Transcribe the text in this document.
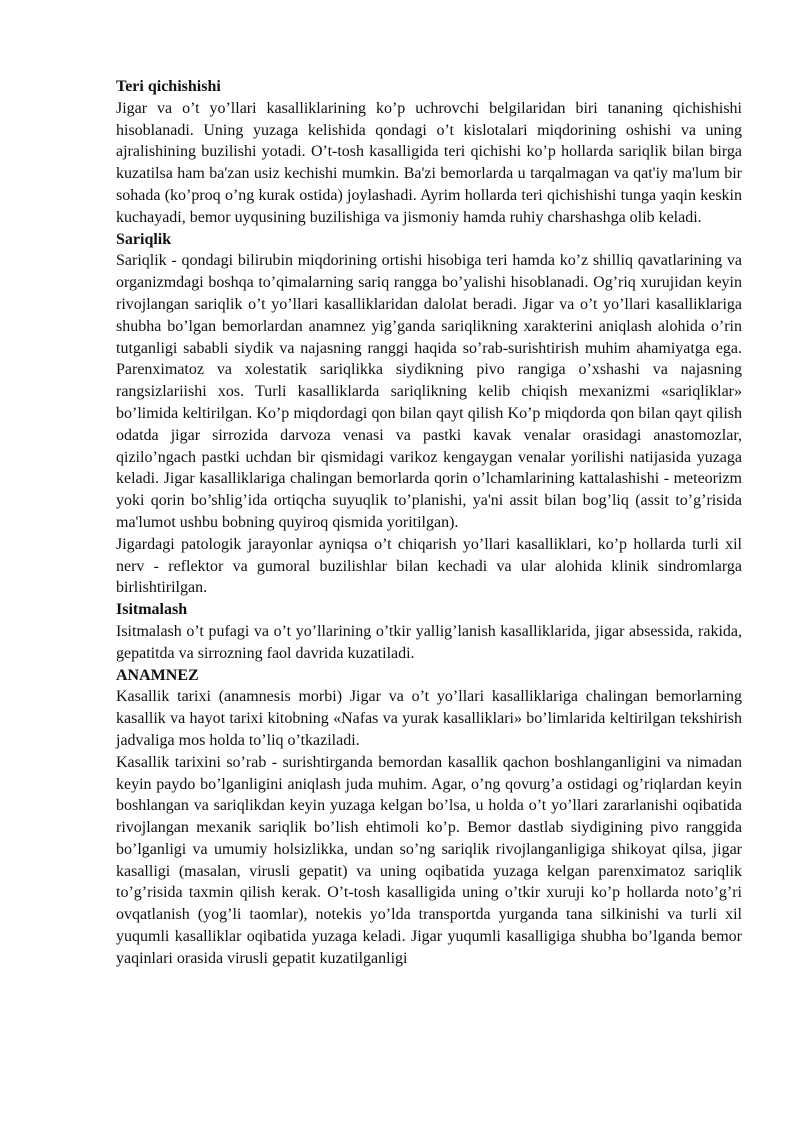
Teri qichishishi

Jigar va o’t yo’llari kasalliklarining ko’p uchrovchi belgilaridan biri tananing qichishishi hisoblanadi. Uning yuzaga kelishida qondagi o’t kislotalari miqdorining oshishi va uning ajralishining buzilishi yotadi. O’t-tosh kasalligida teri qichishi ko’p hollarda sariqlik bilan birga kuzatilsa ham ba'zan usiz kechishi mumkin. Ba'zi bemorlarda u tarqalmagan va qat'iy ma'lum bir sohada (ko’proq o’ng kurak ostida) joylashadi. Ayrim hollarda teri qichishishi tunga yaqin keskin kuchayadi, bemor uyqusining buzilishiga va jismoniy hamda ruhiy charshashga olib keladi.

Sariqlik

Sariqlik - qondagi bilirubin miqdorining ortishi hisobiga teri hamda ko’z shilliq qavatlarining va organizmdagi boshqa to’qimalarning sariq rangga bo’yalishi hisoblanadi. Og’riq xurujidan keyin rivojlangan sariqlik o’t yo’llari kasalliklaridan dalolat beradi. Jigar va o’t yo’llari kasalliklariga shubha bo’lgan bemorlardan anamnez yig’ganda sariqlikning xarakterini aniqlash alohida o’rin tutganligi sababli siydik va najasning ranggi haqida so’rab-surishtirish muhim ahamiyatga ega. Parenximatoz va xolestatik sariqlikka siydikning pivo rangiga o’xshashi va najasning rangsizlariishi xos. Turli kasalliklarda sariqlikning kelib chiqish mexanizmi «sariqliklar» bo’limida keltirilgan. Ko’p miqdordagi qon bilan qayt qilish Ko’p miqdorda qon bilan qayt qilish odatda jigar sirrozida darvoza venasi va pastki kavak venalar orasidagi anastomozlar, qizilo’ngach pastki uchdan bir qismidagi varikoz kengaygan venalar yorilishi natijasida yuzaga keladi. Jigar kasalliklariga chalingan bemorlarda qorin o’lchamlarining kattalashishi - meteorizm yoki qorin bo’shlig’ida ortiqcha suyuqlik to’planishi, ya'ni assit bilan bog’liq (assit to’g’risida ma'lumot ushbu bobning quyiroq qismida yoritilgan).

Jigardagi patologik jarayonlar ayniqsa o’t chiqarish yo’llari kasalliklari, ko’p hollarda turli xil nerv - reflektor va gumoral buzilishlar bilan kechadi va ular alohida klinik sindromlarga birlishtirilgan.

Isitmalash

Isitmalash o’t pufagi va o’t yo’llarining o’tkir yallig’lanish kasalliklarida, jigar absessida, rakida, gepatitda va sirrozning faol davrida kuzatiladi.

ANAMNEZ

Kasallik tarixi (anamnesis morbi) Jigar va o’t yo’llari kasalliklariga chalingan bemorlarning kasallik va hayot tarixi kitobning «Nafas va yurak kasalliklari» bo’limlarida keltirilgan tekshirish jadvaliga mos holda to’liq o’tkaziladi.

Kasallik tarixini so’rab - surishtirganda bemordan kasallik qachon boshlanganligini va nimadan keyin paydo bo’lganligini aniqlash juda muhim. Agar, o’ng qovurg’a ostidagi og’riqlardan keyin boshlangan va sariqlikdan keyin yuzaga kelgan bo’lsa, u holda o’t yo’llari zararlanishi oqibatida rivojlangan mexanik sariqlik bo’lish ehtimoli ko’p. Bemor dastlab siydigining pivo ranggida bo’lganligi va umumiy holsizlikka, undan so’ng sariqlik rivojlanganligiga shikoyat qilsa, jigar kasalligi (masalan, virusli gepatit) va uning oqibatida yuzaga kelgan parenximatoz sariqlik to’g’risida taxmin qilish kerak. O’t-tosh kasalligida uning o’tkir xuruji ko’p hollarda noto’g’ri ovqatlanish (yog’li taomlar), notekis yo’lda transportda yurganda tana silkinishi va turli xil yuqumli kasalliklar oqibatida yuzaga keladi. Jigar yuqumli kasalligiga shubha bo’lganda bemor yaqinlari orasida virusli gepatit kuzatilganligi
